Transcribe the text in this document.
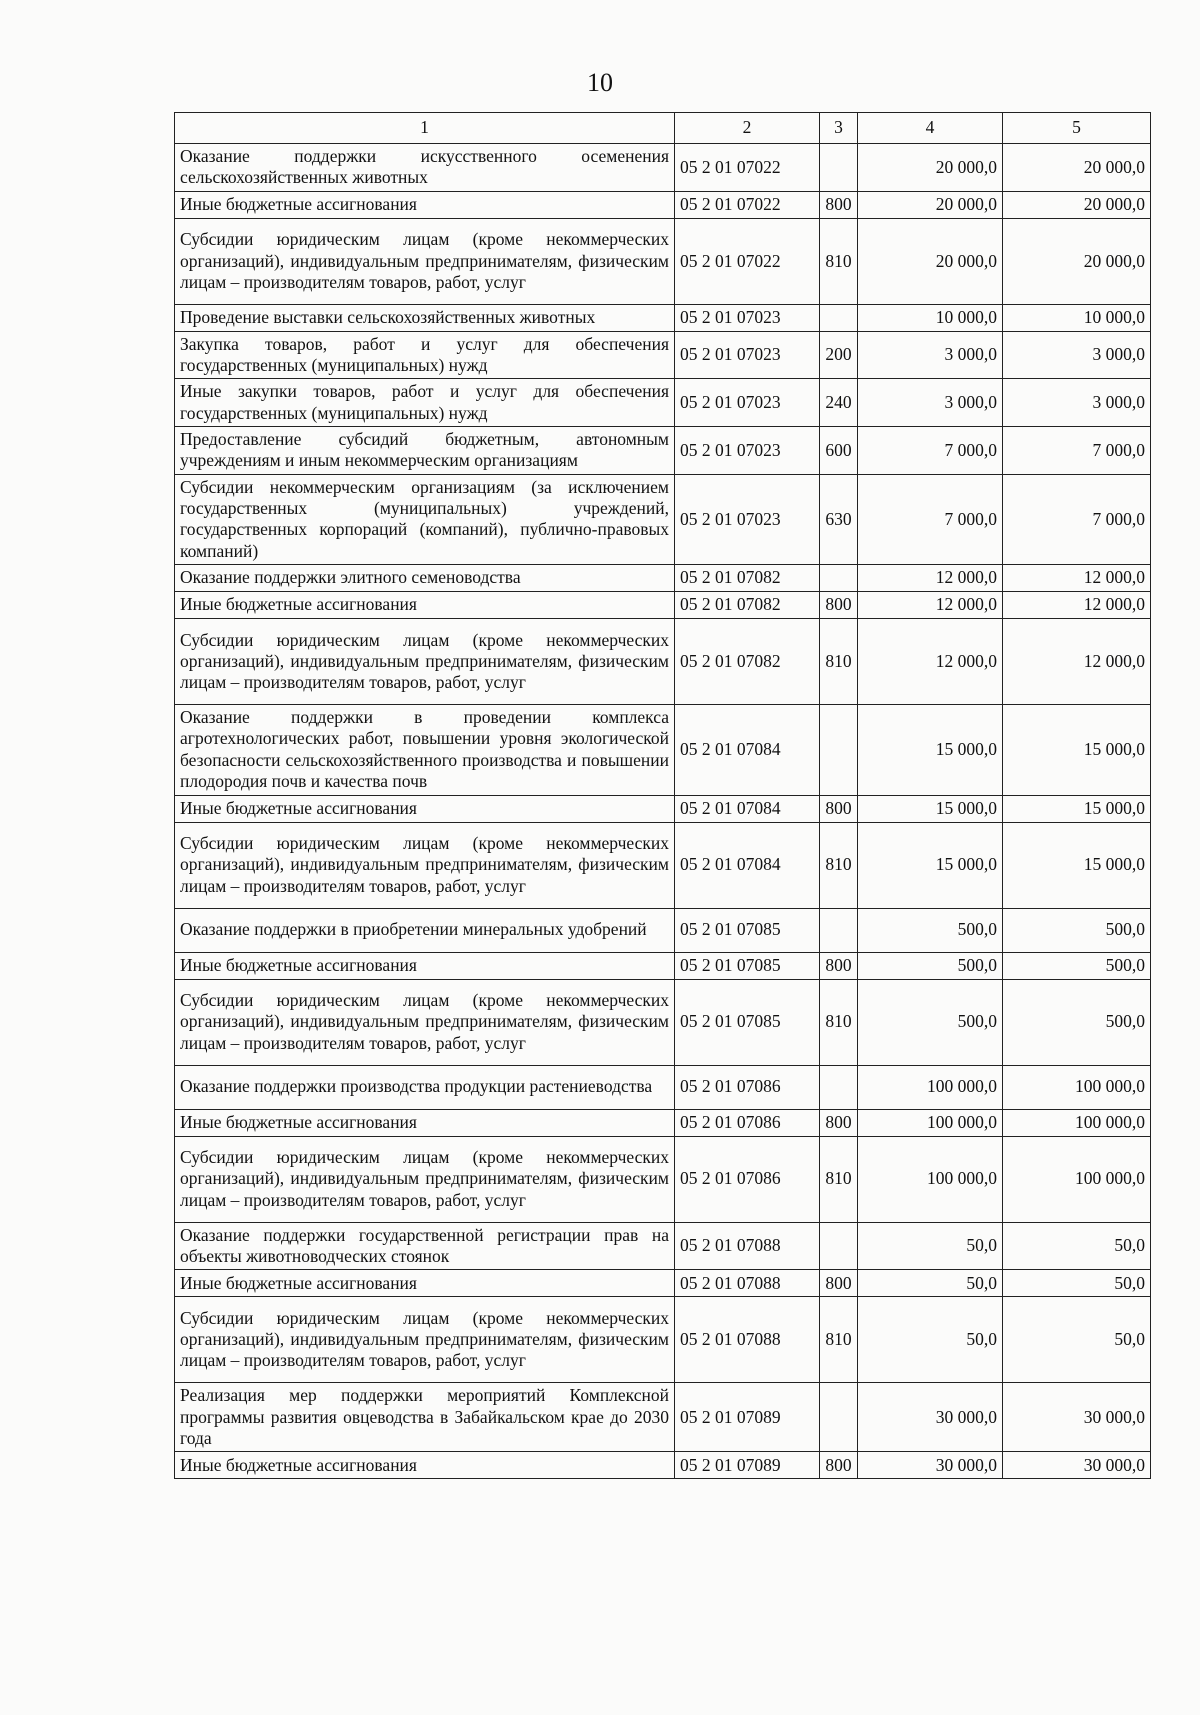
10
1	2	3	4	5
Оказание поддержки искусственного осеменения сельскохозяйственных животных	05 2 01 07022		20 000,0	20 000,0
Иные бюджетные ассигнования	05 2 01 07022	800	20 000,0	20 000,0
Субсидии юридическим лицам (кроме некоммерческих организаций), индивидуальным предпринимателям, физическим лицам – производителям товаров, работ, услуг	05 2 01 07022	810	20 000,0	20 000,0
Проведение выставки сельскохозяйственных животных	05 2 01 07023		10 000,0	10 000,0
Закупка товаров, работ и услуг для обеспечения государственных (муниципальных) нужд	05 2 01 07023	200	3 000,0	3 000,0
Иные закупки товаров, работ и услуг для обеспечения государственных (муниципальных) нужд	05 2 01 07023	240	3 000,0	3 000,0
Предоставление субсидий бюджетным, автономным учреждениям и иным некоммерческим организациям	05 2 01 07023	600	7 000,0	7 000,0
Субсидии некоммерческим организациям (за исключением государственных (муниципальных) учреждений, государственных корпораций (компаний), публично-правовых компаний)	05 2 01 07023	630	7 000,0	7 000,0
Оказание поддержки элитного семеноводства	05 2 01 07082		12 000,0	12 000,0
Иные бюджетные ассигнования	05 2 01 07082	800	12 000,0	12 000,0
Субсидии юридическим лицам (кроме некоммерческих организаций), индивидуальным предпринимателям, физическим лицам – производителям товаров, работ, услуг	05 2 01 07082	810	12 000,0	12 000,0
Оказание поддержки в проведении комплекса агротехнологических работ, повышении уровня экологической безопасности сельскохозяйственного производства и повышении плодородия почв и качества почв	05 2 01 07084		15 000,0	15 000,0
Иные бюджетные ассигнования	05 2 01 07084	800	15 000,0	15 000,0
Субсидии юридическим лицам (кроме некоммерческих организаций), индивидуальным предпринимателям, физическим лицам – производителям товаров, работ, услуг	05 2 01 07084	810	15 000,0	15 000,0
Оказание поддержки в приобретении минеральных удобрений	05 2 01 07085		500,0	500,0
Иные бюджетные ассигнования	05 2 01 07085	800	500,0	500,0
Субсидии юридическим лицам (кроме некоммерческих организаций), индивидуальным предпринимателям, физическим лицам – производителям товаров, работ, услуг	05 2 01 07085	810	500,0	500,0
Оказание поддержки производства продукции растениеводства	05 2 01 07086		100 000,0	100 000,0
Иные бюджетные ассигнования	05 2 01 07086	800	100 000,0	100 000,0
Субсидии юридическим лицам (кроме некоммерческих организаций), индивидуальным предпринимателям, физическим лицам – производителям товаров, работ, услуг	05 2 01 07086	810	100 000,0	100 000,0
Оказание поддержки государственной регистрации прав на объекты животноводческих стоянок	05 2 01 07088		50,0	50,0
Иные бюджетные ассигнования	05 2 01 07088	800	50,0	50,0
Субсидии юридическим лицам (кроме некоммерческих организаций), индивидуальным предпринимателям, физическим лицам – производителям товаров, работ, услуг	05 2 01 07088	810	50,0	50,0
Реализация мер поддержки мероприятий Комплексной программы развития овцеводства в Забайкальском крае до 2030 года	05 2 01 07089		30 000,0	30 000,0
Иные бюджетные ассигнования	05 2 01 07089	800	30 000,0	30 000,0
